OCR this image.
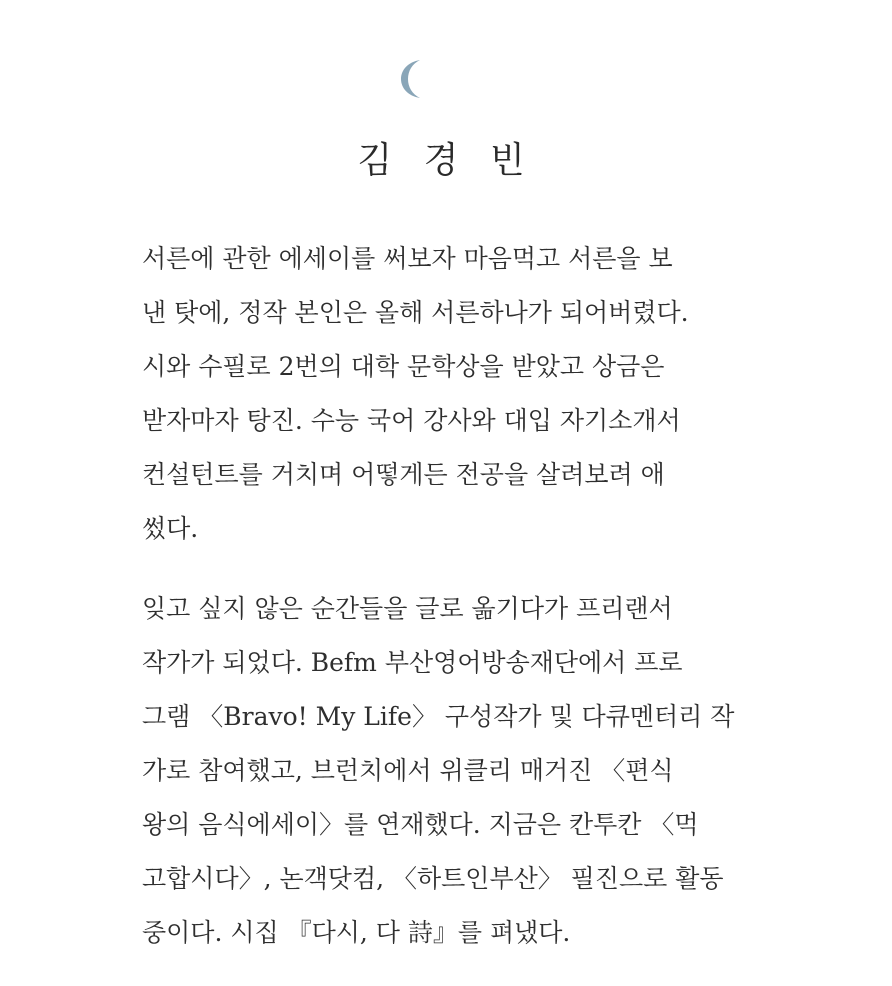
김 경 빈

서른에 관한 에세이를 써보자 마음먹고 서른을 보
낸 탓에, 정작 본인은 올해 서른하나가 되어버렸다.
시와 수필로 2번의 대학 문학상을 받았고 상금은
받자마자 탕진. 수능 국어 강사와 대입 자기소개서
컨설턴트를 거치며 어떻게든 전공을 살려보려 애
썼다.

잊고 싶지 않은 순간들을 글로 옮기다가 프리랜서
작가가 되었다. Befm 부산영어방송재단에서 프로
그램 〈Bravo! My Life〉 구성작가 및 다큐멘터리 작
가로 참여했고, 브런치에서 위클리 매거진 〈편식
왕의 음식에세이〉를 연재했다. 지금은 칸투칸 〈먹
고합시다〉, 논객닷컴, 〈하트인부산〉 필진으로 활동
중이다. 시집 『다시, 다 詩』를 펴냈다.
